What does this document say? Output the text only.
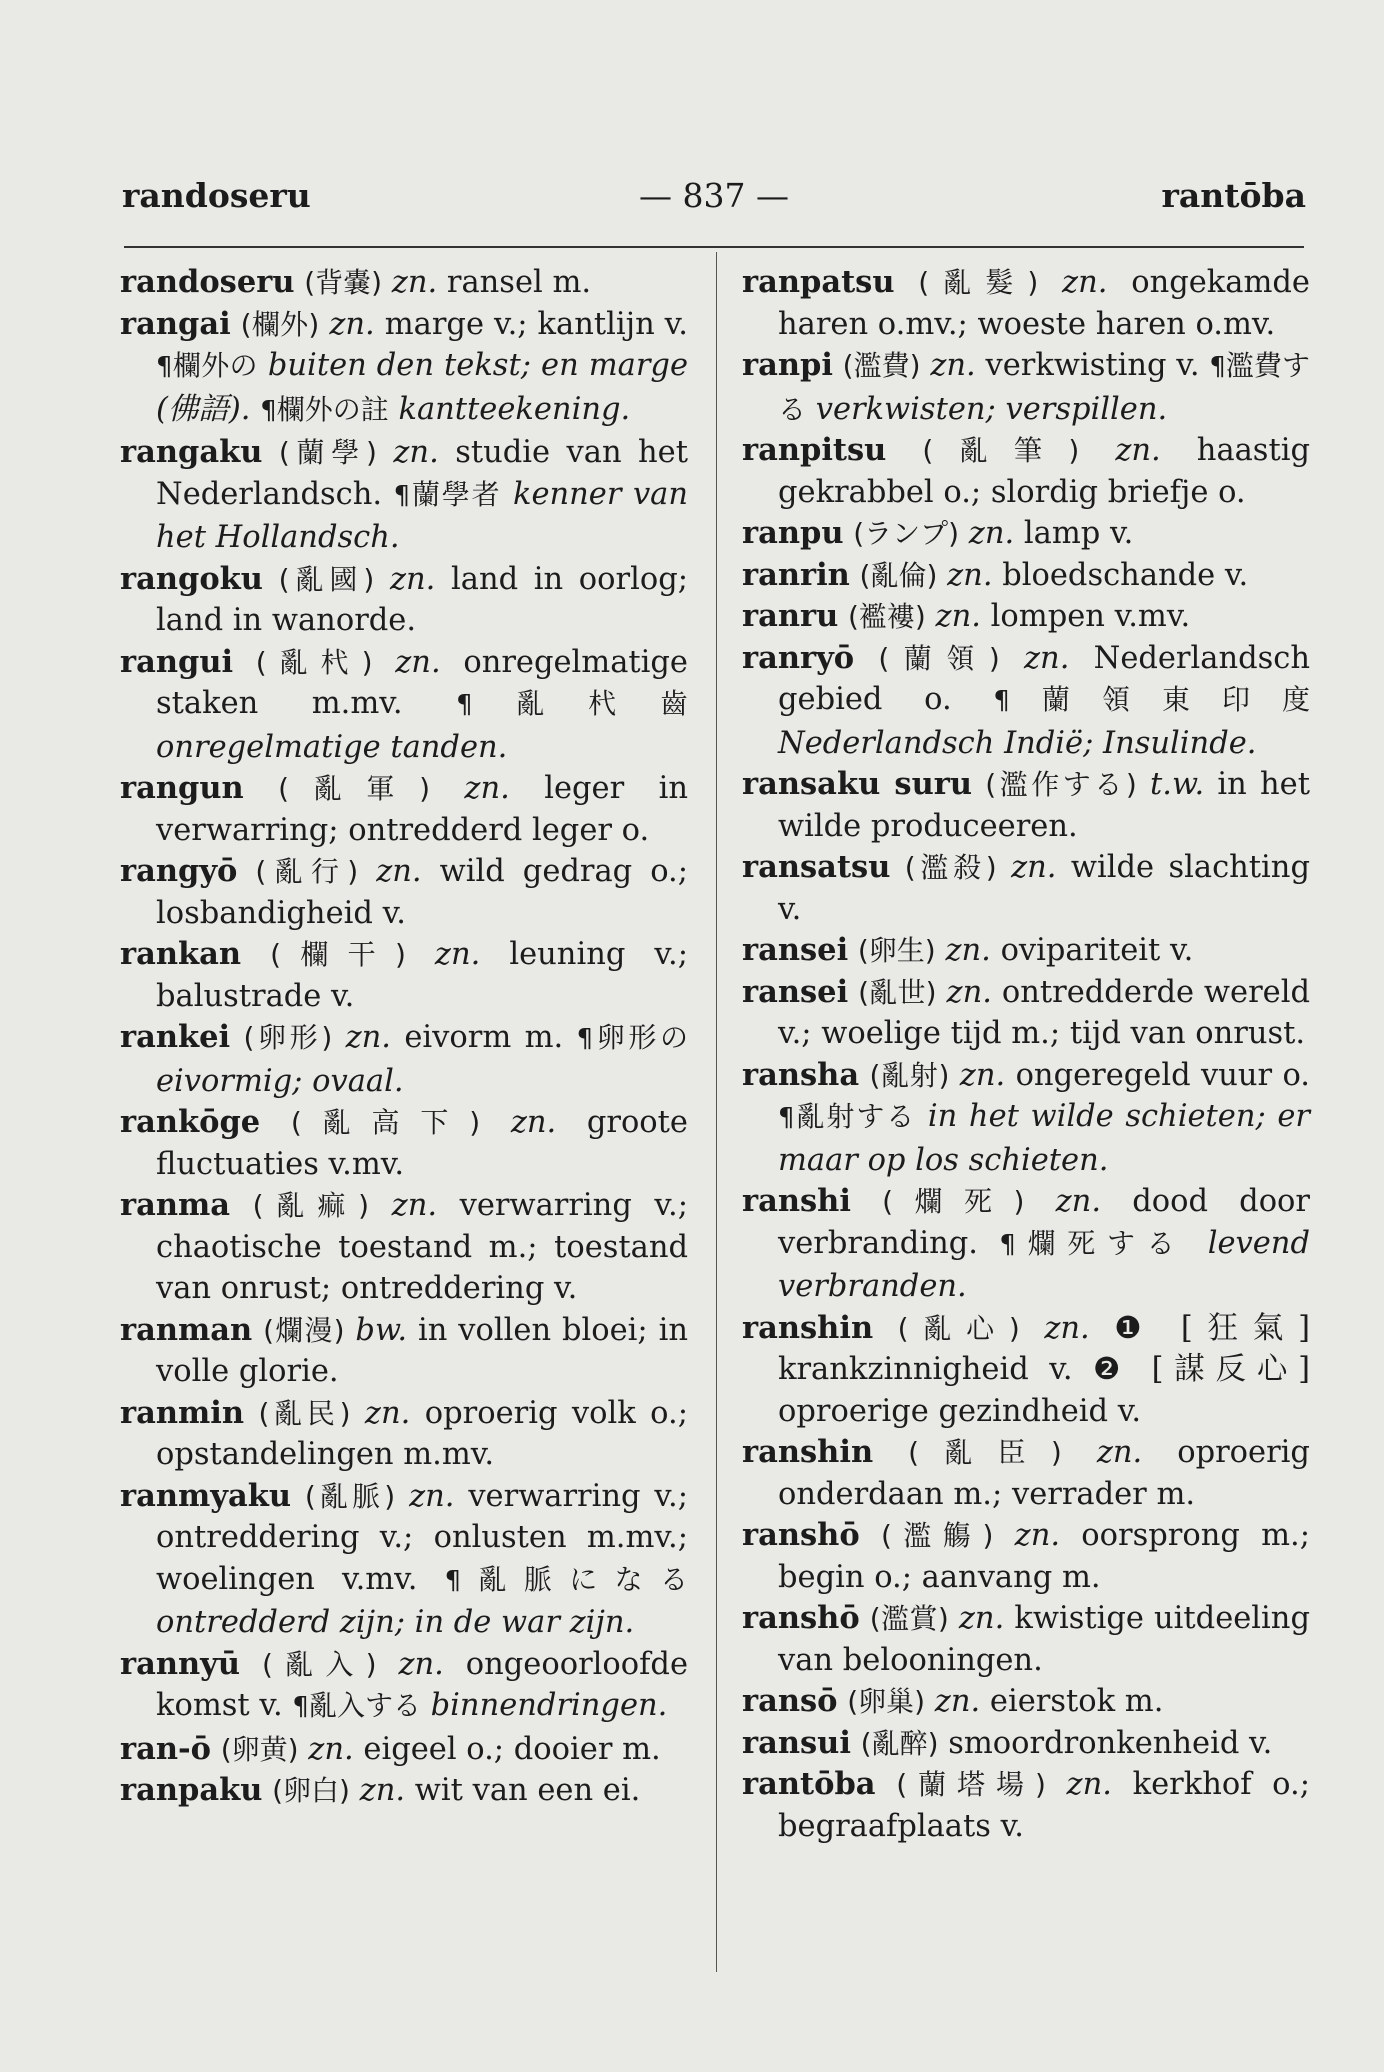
randoseru	— 837 —	rantōba

randoseru (背嚢) zn. ransel m.

rangai (欄外) zn. marge v.; kantlijn v. ¶欄外の buiten den tekst; en marge (佛語). ¶欄外の註 kantteekening.

rangaku (蘭學) zn. studie van het Nederlandsch. ¶蘭學者 kenner van het Hollandsch.

rangoku (亂國) zn. land in oorlog; land in wanorde.

rangui (亂杙) zn. onregelmatige staken m.mv. ¶亂杙齒 onregelmatige tanden.

rangun (亂軍) zn. leger in verwarring; ontredderd leger o.

rangyō (亂行) zn. wild gedrag o.; losbandigheid v.

rankan (欄干) zn. leuning v.; balustrade v.

rankei (卵形) zn. eivorm m. ¶卵形の eivormig; ovaal.

rankōge (亂高下) zn. groote fluctuaties v.mv.

ranma (亂痲) zn. verwarring v.; chaotische toestand m.; toestand van onrust; ontreddering v.

ranman (爛漫) bw. in vollen bloei; in volle glorie.

ranmin (亂民) zn. oproerig volk o.; opstandelingen m.mv.

ranmyaku (亂脈) zn. verwarring v.; ontreddering v.; onlusten m.mv.; woelingen v.mv. ¶亂脈になる ontredderd zijn; in de war zijn.

rannyū (亂入) zn. ongeoorloofde komst v. ¶亂入する binnendringen.

ran-ō (卵黄) zn. eigeel o.; dooier m.

ranpaku (卵白) zn. wit van een ei.

ranpatsu (亂髮) zn. ongekamde haren o.mv.; woeste haren o.mv.

ranpi (濫費) zn. verkwisting v. ¶濫費する verkwisten; verspillen.

ranpitsu (亂筆) zn. haastig gekrabbel o.; slordig briefje o.

ranpu (ランプ) zn. lamp v.

ranrin (亂倫) zn. bloedschande v.

ranru (襤褸) zn. lompen v.mv.

ranryō (蘭領) zn. Nederlandsch gebied o. ¶蘭領東印度 Nederlandsch Indië; Insulinde.

ransaku suru (濫作する) t.w. in het wilde produceeren.

ransatsu (濫殺) zn. wilde slachting v.

ransei (卵生) zn. ovipariteit v.

ransei (亂世) zn. ontredderde wereld v.; woelige tijd m.; tijd van onrust.

ransha (亂射) zn. ongeregeld vuur o. ¶亂射する in het wilde schieten; er maar op los schieten.

ranshi (爛死) zn. dood door verbranding. ¶爛死する levend verbranden.

ranshin (亂心) zn. ❶ [狂氣] krankzinnigheid v. ❷ [謀反心] oproerige gezindheid v.

ranshin (亂臣) zn. oproerig onderdaan m.; verrader m.

ranshō (濫觴) zn. oorsprong m.; begin o.; aanvang m.

ranshō (濫賞) zn. kwistige uitdeeling van belooningen.

ransō (卵巢) zn. eierstok m.

ransui (亂醉) smoordronkenheid v.

rantōba (蘭塔場) zn. kerkhof o.; begraafplaats v.
